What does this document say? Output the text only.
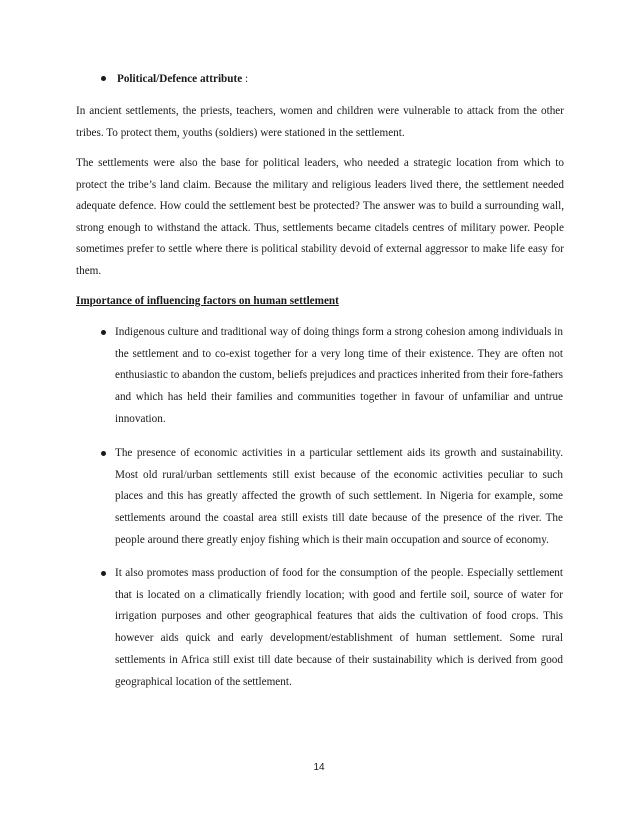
Political/Defence attribute :

In ancient settlements, the priests, teachers, women and children were vulnerable to attack from the other tribes. To protect them, youths (soldiers) were stationed in the settlement.

The settlements were also the base for political leaders, who needed a strategic location from which to protect the tribe’s land claim. Because the military and religious leaders lived there, the settlement needed adequate defence. How could the settlement best be protected? The answer was to build a surrounding wall, strong enough to withstand the attack. Thus, settlements became citadels centres of military power. People sometimes prefer to settle where there is political stability devoid of external aggressor to make life easy for them.

Importance of influencing factors on human settlement

Indigenous culture and traditional way of doing things form a strong cohesion among individuals in the settlement and to co-exist together for a very long time of their existence. They are often not enthusiastic to abandon the custom, beliefs prejudices and practices inherited from their fore-fathers and which has held their families and communities together in favour of unfamiliar and untrue innovation.

The presence of economic activities in a particular settlement aids its growth and sustainability. Most old rural/urban settlements still exist because of the economic activities peculiar to such places and this has greatly affected the growth of such settlement. In Nigeria for example, some settlements around the coastal area still exists till date because of the presence of the river. The people around there greatly enjoy fishing which is their main occupation and source of economy.

It also promotes mass production of food for the consumption of the people. Especially settlement that is located on a climatically friendly location; with good and fertile soil, source of water for irrigation purposes and other geographical features that aids the cultivation of food crops. This however aids quick and early development/establishment of human settlement. Some rural settlements in Africa still exist till date because of their sustainability which is derived from good geographical location of the settlement.

14
